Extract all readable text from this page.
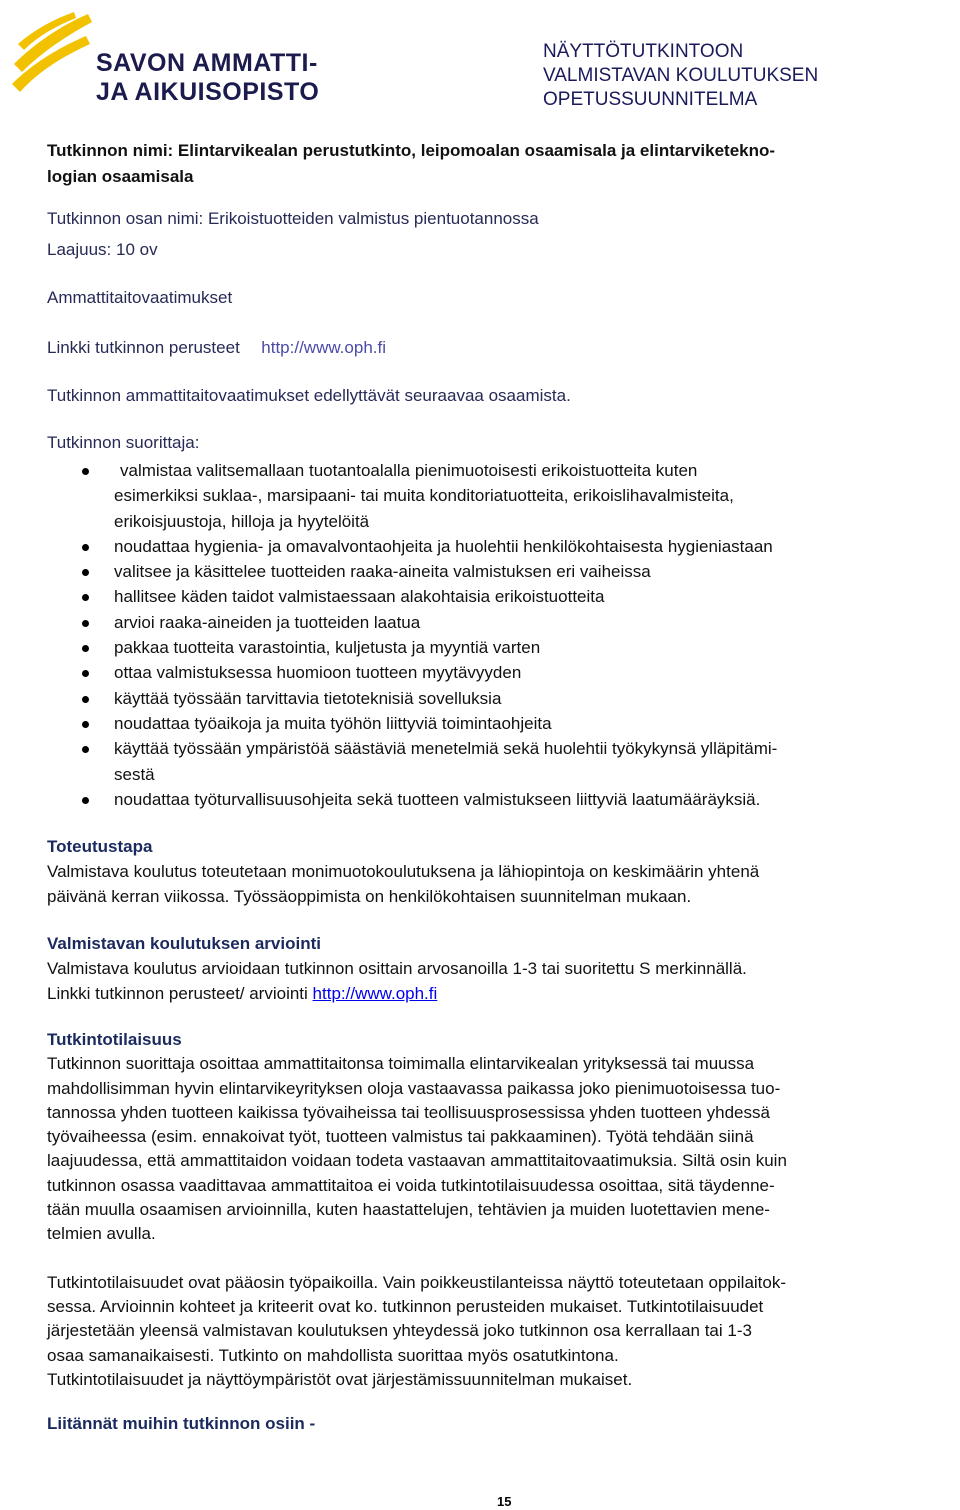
SAVON AMMATTI-
JA AIKUISOPISTO
NÄYTTÖTUTKINTOON
VALMISTAVAN KOULUTUKSEN
OPETUSSUUNNITELMA
Tutkinnon nimi: Elintarvikealan perustutkinto, leipomoalan osaamisala ja elintarviketekno-
logian osaamisala
Tutkinnon osan nimi: Erikoistuotteiden valmistus pientuotannossa
Laajuus: 10 ov
Ammattitaitovaatimukset
Linkki tutkinnon perusteet http://www.oph.fi
Tutkinnon ammattitaitovaatimukset edellyttävät seuraavaa osaamista.
Tutkinnon suorittaja:
valmistaa valitsemallaan tuotantoalalla pienimuotoisesti erikoistuotteita kuten
esimerkiksi suklaa-, marsipaani- tai muita konditoriatuotteita, erikoislihavalmisteita,
erikoisjuustoja, hilloja ja hyytelöitä
noudattaa hygienia- ja omavalvontaohjeita ja huolehtii henkilökohtaisesta hygieniastaan
valitsee ja käsittelee tuotteiden raaka-aineita valmistuksen eri vaiheissa
hallitsee käden taidot valmistaessaan alakohtaisia erikoistuotteita
arvioi raaka-aineiden ja tuotteiden laatua
pakkaa tuotteita varastointia, kuljetusta ja myyntiä varten
ottaa valmistuksessa huomioon tuotteen myytävyyden
käyttää työssään tarvittavia tietoteknisiä sovelluksia
noudattaa työaikoja ja muita työhön liittyviä toimintaohjeita
käyttää työssään ympäristöä säästäviä menetelmiä sekä huolehtii työkykynsä ylläpitämi-
sestä
noudattaa työturvallisuusohjeita sekä tuotteen valmistukseen liittyviä laatumääräyksiä.
Toteutustapa
Valmistava koulutus toteutetaan monimuotokoulutuksena ja lähiopintoja on keskimäärin yhtenä
päivänä kerran viikossa. Työssäoppimista on henkilökohtaisen suunnitelman mukaan.
Valmistavan koulutuksen arviointi
Valmistava koulutus arvioidaan tutkinnon osittain arvosanoilla 1-3 tai suoritettu S merkinnällä.
Linkki tutkinnon perusteet/ arviointi http://www.oph.fi
Tutkintotilaisuus
Tutkinnon suorittaja osoittaa ammattitaitonsa toimimalla elintarvikealan yrityksessä tai muussa
mahdollisimman hyvin elintarvikeyrityksen oloja vastaavassa paikassa joko pienimuotoisessa tuo-
tannossa yhden tuotteen kaikissa työvaiheissa tai teollisuusprosessissa yhden tuotteen yhdessä
työvaiheessa (esim. ennakoivat työt, tuotteen valmistus tai pakkaaminen). Työtä tehdään siinä
laajuudessa, että ammattitaidon voidaan todeta vastaavan ammattitaitovaatimuksia. Siltä osin kuin
tutkinnon osassa vaadittavaa ammattitaitoa ei voida tutkintotilaisuudessa osoittaa, sitä täydenne-
tään muulla osaamisen arvioinnilla, kuten haastattelujen, tehtävien ja muiden luotettavien mene-
telmien avulla.
Tutkintotilaisuudet ovat pääosin työpaikoilla. Vain poikkeustilanteissa näyttö toteutetaan oppilaitok-
sessa. Arvioinnin kohteet ja kriteerit ovat ko. tutkinnon perusteiden mukaiset. Tutkintotilaisuudet
järjestetään yleensä valmistavan koulutuksen yhteydessä joko tutkinnon osa kerrallaan tai 1-3
osaa samanaikaisesti. Tutkinto on mahdollista suorittaa myös osatutkintona.
Tutkintotilaisuudet ja näyttöympäristöt ovat järjestämissuunnitelman mukaiset.
Liitännät muihin tutkinnon osiin -
15
